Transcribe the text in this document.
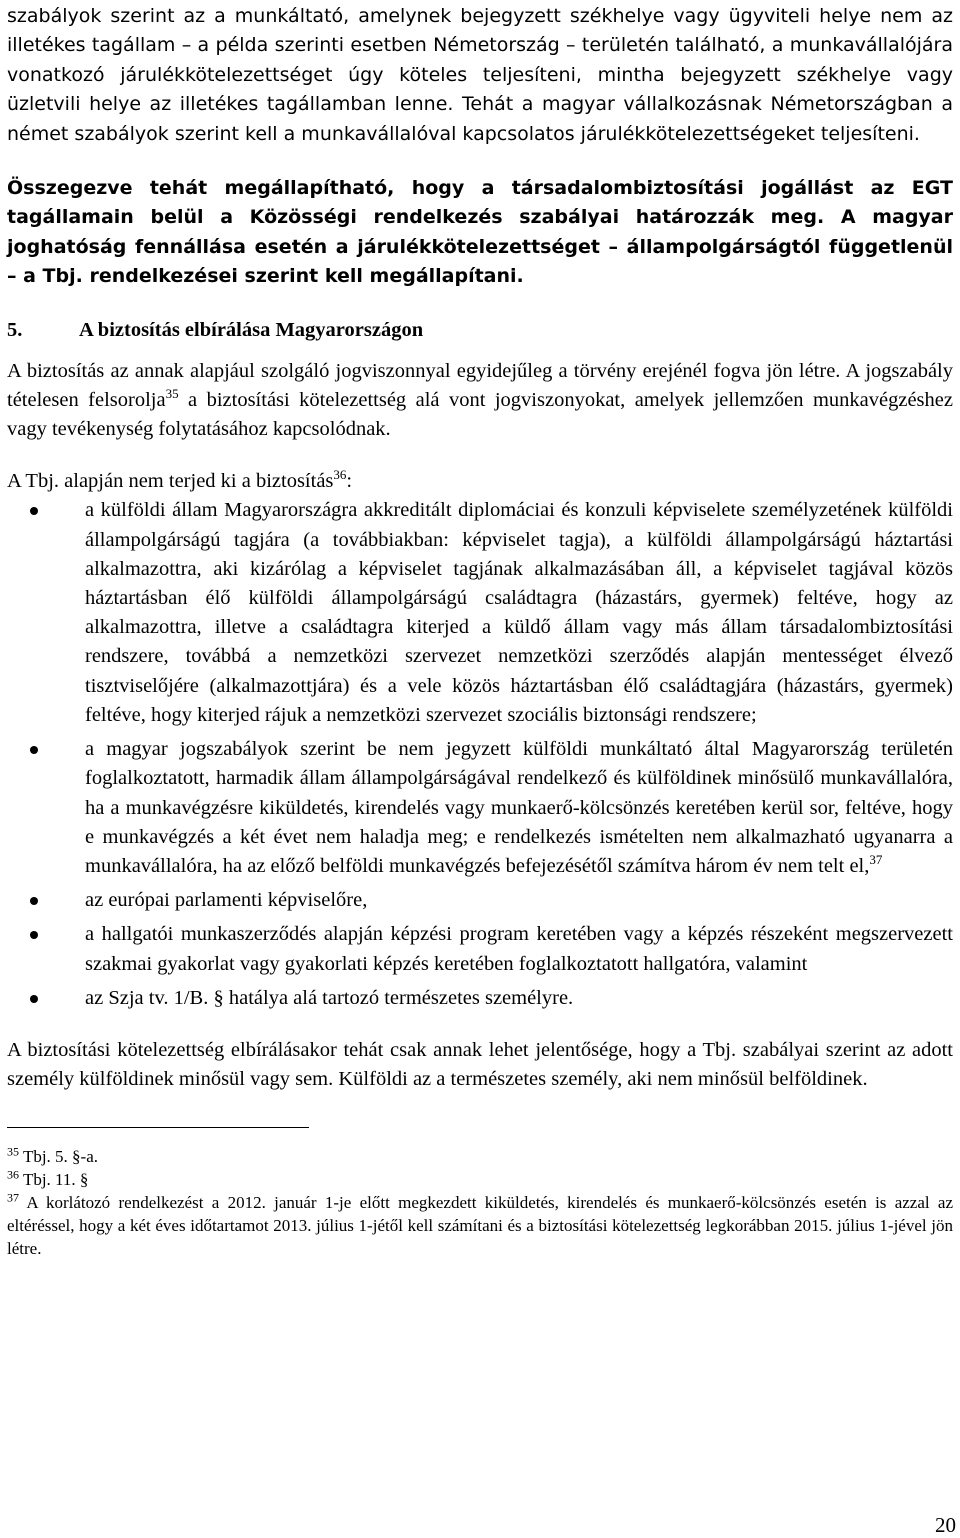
szabályok szerint az a munkáltató, amelynek bejegyzett székhelye vagy ügyviteli helye nem az illetékes tagállam – a példa szerinti esetben Németország – területén található, a munkavállalójára vonatkozó járulékkötelezettséget úgy köteles teljesíteni, mintha bejegyzett székhelye vagy üzletvili helye az illetékes tagállamban lenne. Tehát a magyar vállalkozásnak Németországban a német szabályok szerint kell a munkavállalóval kapcsolatos járulékkötelezettségeket teljesíteni.

Összegezve tehát megállapítható, hogy a társadalombiztosítási jogállást az EGT tagállamain belül a Közösségi rendelkezés szabályai határozzák meg. A magyar joghatóság fennállása esetén a járulékkötelezettséget – állampolgárságtól függetlenül – a Tbj. rendelkezései szerint kell megállapítani.

5.	A biztosítás elbírálása Magyarországon

A biztosítás az annak alapjául szolgáló jogviszonnyal egyidejűleg a törvény erejénél fogva jön létre. A jogszabály tételesen felsorolja$^{35}$ a biztosítási kötelezettség alá vont jogviszonyokat, amelyek jellemzően munkavégzéshez vagy tevékenység folytatásához kapcsolódnak.

A Tbj. alapján nem terjed ki a biztosítás$^{36}$:

a külföldi állam Magyarországra akkreditált diplomáciai és konzuli képviselete személyzetének külföldi állampolgárságú tagjára (a továbbiakban: képviselet tagja), a külföldi állampolgárságú háztartási alkalmazottra, aki kizárólag a képviselet tagjának alkalmazásában áll, a képviselet tagjával közös háztartásban élő külföldi állampolgárságú családtagra (házastárs, gyermek) feltéve, hogy az alkalmazottra, illetve a családtagra kiterjed a küldő állam vagy más állam társadalombiztosítási rendszere, továbbá a nemzetközi szervezet nemzetközi szerződés alapján mentességet élvező tisztviselőjére (alkalmazottjára) és a vele közös háztartásban élő családtagjára (házastárs, gyermek) feltéve, hogy kiterjed rájuk a nemzetközi szervezet szociális biztonsági rendszere;
a magyar jogszabályok szerint be nem jegyzett külföldi munkáltató által Magyarország területén foglalkoztatott, harmadik állam állampolgárságával rendelkező és külföldinek minősülő munkavállalóra, ha a munkavégzésre kiküldetés, kirendelés vagy munkaerő-kölcsönzés keretében kerül sor, feltéve, hogy e munkavégzés a két évet nem haladja meg; e rendelkezés ismételten nem alkalmazható ugyanarra a munkavállalóra, ha az előző belföldi munkavégzés befejezésétől számítva három év nem telt el,$^{37}$
az európai parlamenti képviselőre,
a hallgatói munkaszerződés alapján képzési program keretében vagy a képzés részeként megszervezett szakmai gyakorlat vagy gyakorlati képzés keretében foglalkoztatott hallgatóra, valamint
az Szja tv. 1/B. § hatálya alá tartozó természetes személyre.

A biztosítási kötelezettség elbírálásakor tehát csak annak lehet jelentősége, hogy a Tbj. szabályai szerint az adott személy külföldinek minősül vagy sem. Külföldi az a természetes személy, aki nem minősül belföldinek.

$^{35}$ Tbj. 5. §-a.

$^{36}$ Tbj. 11. §

$^{37}$ A korlátozó rendelkezést a 2012. január 1-je előtt megkezdett kiküldetés, kirendelés és munkaerő-kölcsönzés esetén is azzal az eltéréssel, hogy a két éves időtartamot 2013. július 1-jétől kell számítani és a biztosítási kötelezettség legkorábban 2015. július 1-jével jön létre.

20
